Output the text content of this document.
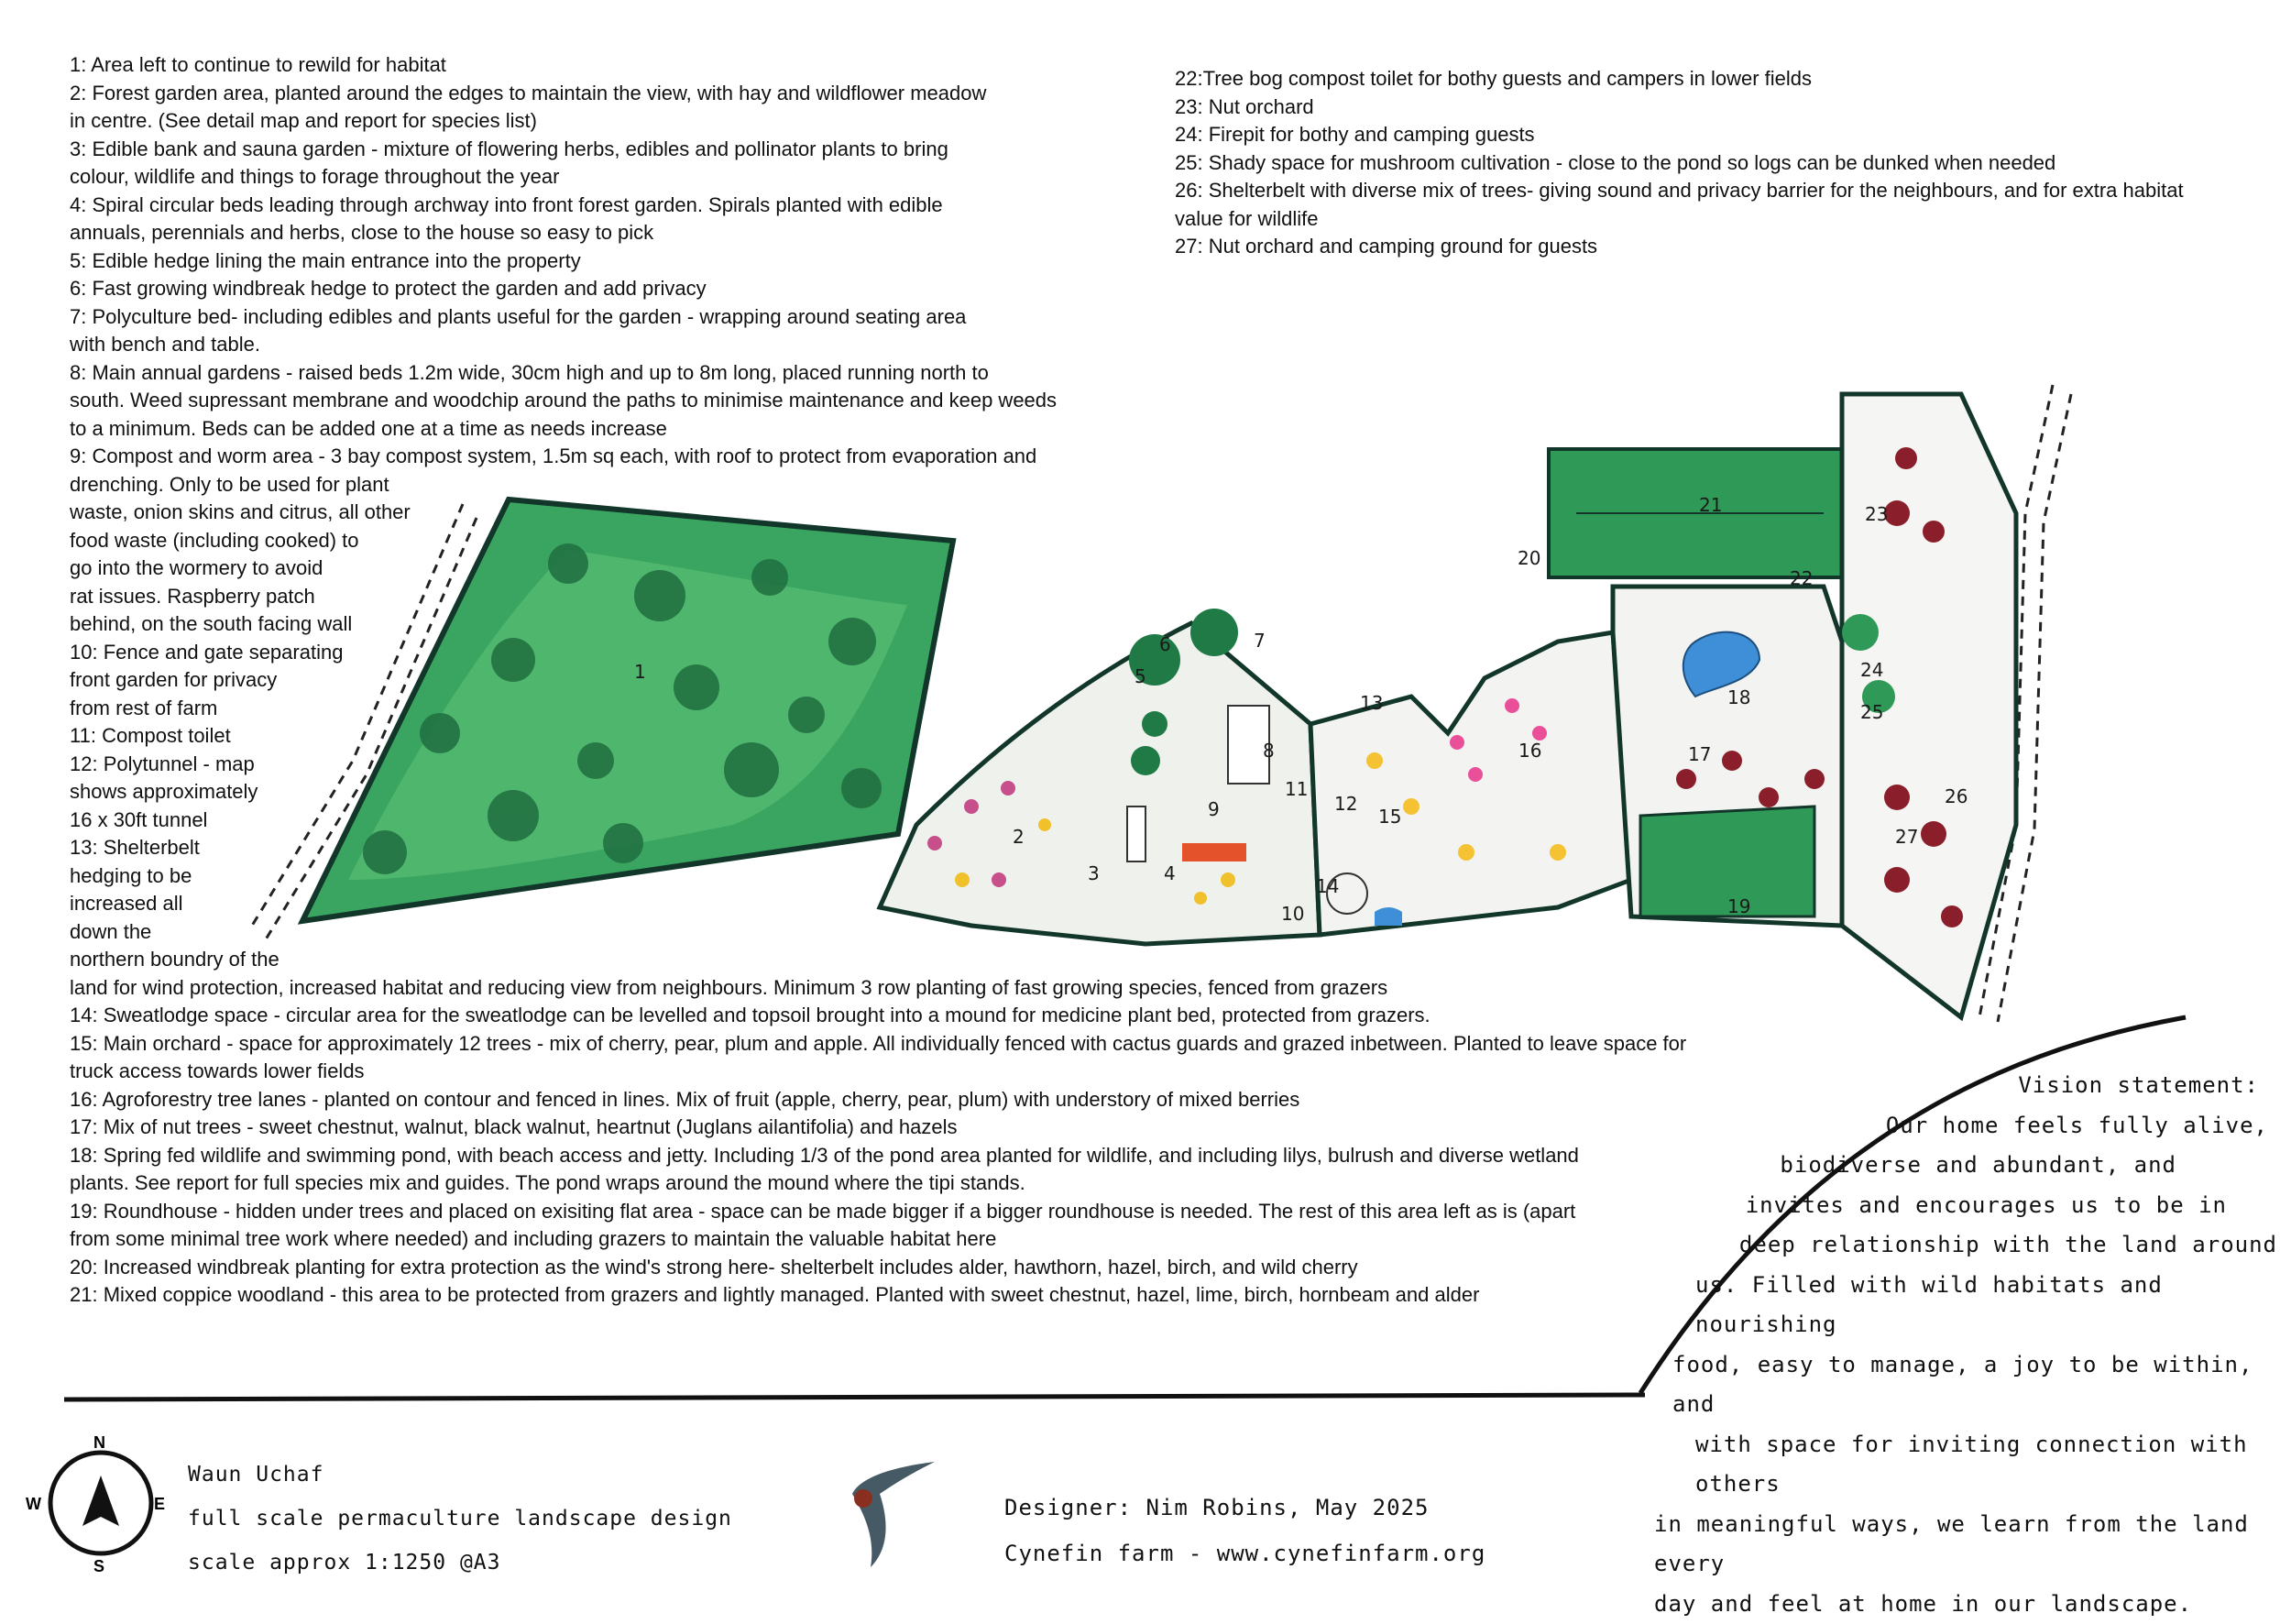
1: Area left to continue to rewild for habitat
2: Forest garden area, planted around the edges to maintain the view, with hay and wildflower meadow
in centre. (See detail map and report for species list)
3: Edible bank and sauna garden - mixture of flowering herbs, edibles and pollinator plants to bring
colour, wildlife and things to forage throughout the year
4: Spiral circular beds leading through archway into front forest garden. Spirals planted with edible
annuals, perennials and herbs, close to the house so easy to pick
5: Edible hedge lining the main entrance into the property
6: Fast growing windbreak hedge to protect the garden and add privacy
7: Polyculture bed- including edibles and plants useful for the garden - wrapping around seating area
with bench and table.
8: Main annual gardens - raised beds 1.2m wide, 30cm high and up to 8m long, placed running north to
south. Weed supressant membrane and woodchip around the paths to minimise maintenance and keep weeds
to a minimum. Beds can be added one at a time as needs increase
9: Compost and worm area - 3 bay compost system, 1.5m sq each, with roof to protect from evaporation and
drenching. Only to be used for plant
waste, onion skins and citrus, all other
food waste (including cooked) to
go into the wormery to avoid
rat issues. Raspberry patch
behind, on the south facing wall
10: Fence and gate separating
front garden for privacy
from rest of farm
11: Compost toilet
12: Polytunnel - map
shows approximately
16 x 30ft tunnel
13: Shelterbelt
hedging to be
increased all
down the
northern boundry of the
land for wind protection, increased habitat and reducing view from neighbours. Minimum 3 row planting of fast growing species, fenced from grazers
14: Sweatlodge space - circular area for the sweatlodge can be levelled and topsoil brought into a mound for medicine plant bed, protected from grazers.
15: Main orchard - space for approximately 12 trees - mix of cherry, pear, plum and apple. All individually fenced with cactus guards and grazed inbetween. Planted to leave space for
truck access towards lower fields
16: Agroforestry tree lanes - planted on contour and fenced in lines. Mix of fruit (apple, cherry, pear, plum) with understory of mixed berries
17: Mix of nut trees - sweet chestnut, walnut, black walnut, heartnut (Juglans ailantifolia) and hazels
18: Spring fed wildlife and swimming pond, with beach access and jetty. Including 1/3 of the pond area planted for wildlife, and including lilys, bulrush and diverse wetland
plants. See report for full species mix and guides. The pond wraps around the mound where the tipi stands.
19: Roundhouse - hidden under trees and placed on exisiting flat area - space can be made bigger if a bigger roundhouse is needed. The rest of this area left as is (apart
from some minimal tree work where needed) and including grazers to maintain the valuable habitat here
20: Increased windbreak planting for extra protection as the wind's strong here- shelterbelt includes alder, hawthorn, hazel, birch, and wild cherry
21: Mixed coppice woodland - this area to be protected from grazers and lightly managed. Planted with sweet chestnut, hazel, lime, birch, hornbeam and alder
22:Tree bog compost toilet for bothy guests and campers in lower fields
23: Nut orchard
24: Firepit for bothy and camping guests
25: Shady space for mushroom cultivation - close to the pond so logs can be dunked when needed
26: Shelterbelt with diverse mix of trees- giving sound and privacy barrier for the neighbours, and for extra habitat
value for wildlife
27: Nut orchard and camping ground for guests
1
2
3	4
5
6	7
8
9
10
11
12
13
14
15
16	17
18
19
20
21
22
23
24
25
26
27
N
S
E
W
Vision statement:
Our home feels fully alive,
biodiverse and abundant, and
invites and encourages us to be in
deep relationship with the land around
us. Filled with wild habitats and nourishing
food, easy to manage, a joy to be within, and
with space for inviting connection with others
in meaningful ways, we learn from the land every
day and feel at home in our landscape.
Waun Uchaf
full scale permaculture landscape design
scale approx 1:1250 @A3
Designer: Nim Robins, May 2025
Cynefin farm - www.cynefinfarm.org
